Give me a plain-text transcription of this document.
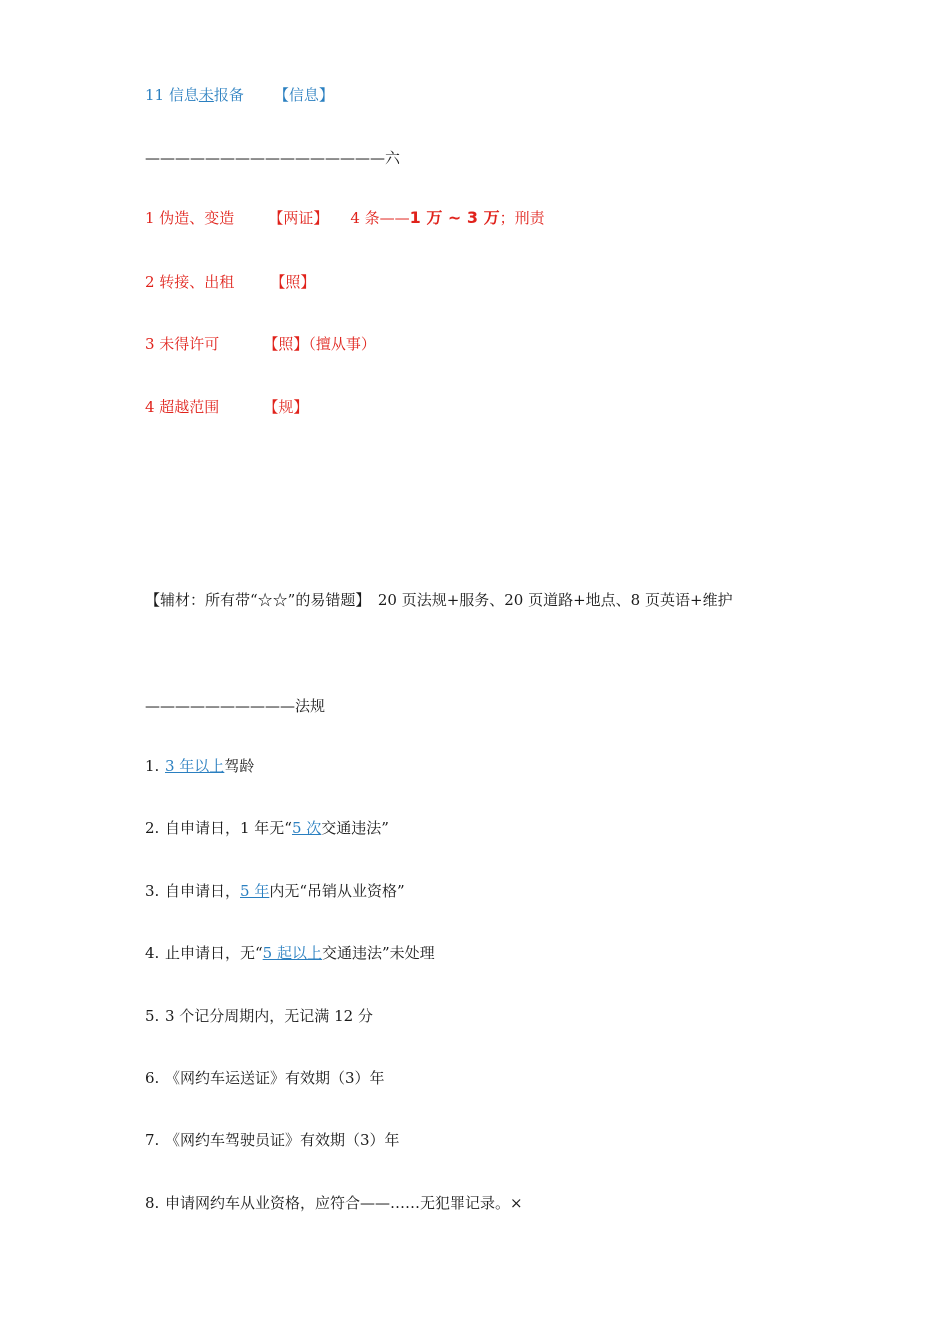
11 信息未报备 【信息】
————————————————六
1 伪造、变造 【两证】 4 条——1 万 ~ 3 万；刑责
2 转接、出租 【照】
3 未得许可	【照】（擅从事）
4 超越范围	【规】
【辅材：所有带“☆☆”的易错题】　20 页法规+服务、20 页道路+地点、8 页英语+维护
——————————法规
1. 3 年以上驾龄
2. 自申请日，1 年无“5 次交通违法”
3. 自申请日，5 年内无“吊销从业资格”
4. 止申请日，无“5 起以上交通违法”未处理
5. 3 个记分周期内，无记满 12 分
6. 《网约车运送证》有效期（3）年
7. 《网约车驾驶员证》有效期（3）年
8. 申请网约车从业资格，应符合——……无犯罪记录。×
